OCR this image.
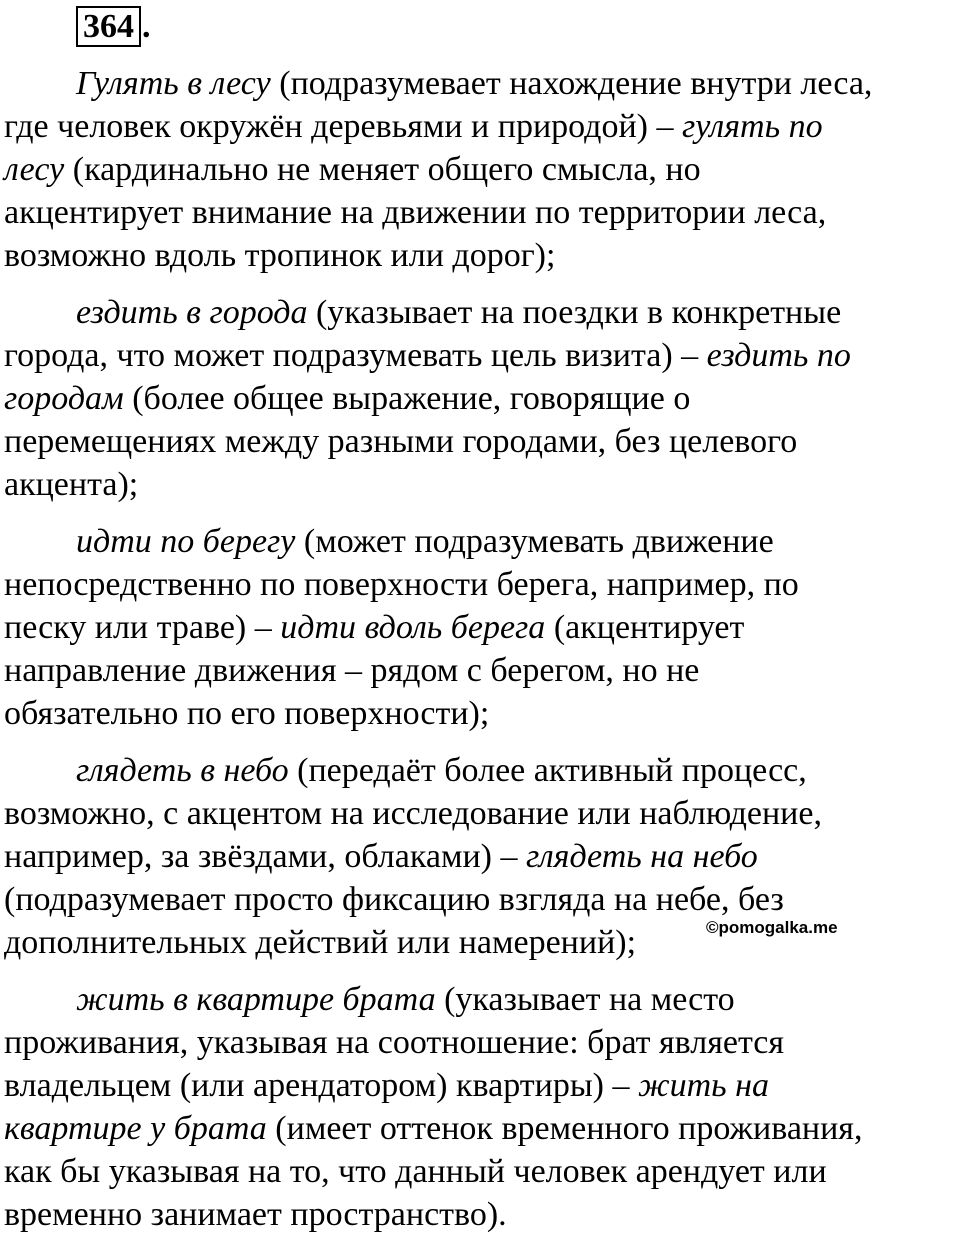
364 .
Гулять в лесу (подразумевает нахождение внутри леса,
где человек окружён деревьями и природой) – гулять по
лесу (кардинально не меняет общего смысла, но
акцентирует внимание на движении по территории леса,
возможно вдоль тропинок или дорог);
ездить в города (указывает на поездки в конкретные
города, что может подразумевать цель визита) – ездить по
городам (более общее выражение, говорящие о
перемещениях между разными городами, без целевого
акцента);
идти по берегу (может подразумевать движение
непосредственно по поверхности берега, например, по
песку или траве) – идти вдоль берега (акцентирует
направление движения – рядом с берегом, но не
обязательно по его поверхности);
глядеть в небо (передаёт более активный процесс,
возможно, с акцентом на исследование или наблюдение,
например, за звёздами, облаками) – глядеть на небо
(подразумевает просто фиксацию взгляда на небе, без
дополнительных действий или намерений);
жить в квартире брата (указывает на место
проживания, указывая на соотношение: брат является
владельцем (или арендатором) квартиры) – жить на
квартире у брата (имеет оттенок временного проживания,
как бы указывая на то, что данный человек арендует или
временно занимает пространство).
©pomogalka.me
